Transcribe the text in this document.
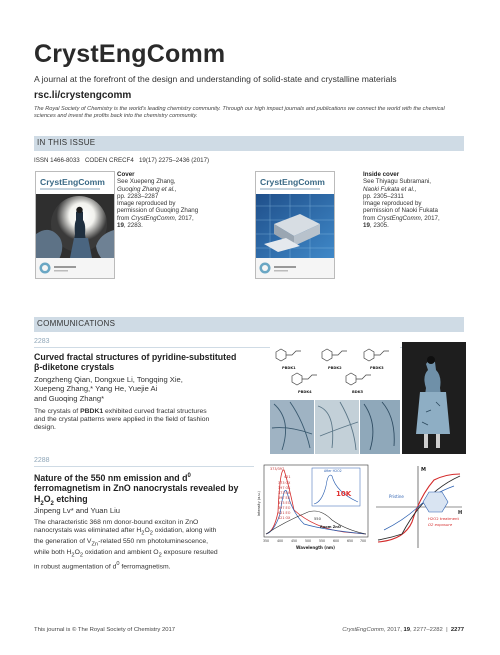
CrystEngComm
A journal at the forefront of the design and understanding of solid-state and crystalline materials
rsc.li/crystengcomm
The Royal Society of Chemistry is the world's leading chemistry community. Through our high impact journals and publications we connect the world with the chemical sciences and invest the profits back into the chemistry community.
IN THIS ISSUE
ISSN 1466-8033 CODEN CRECF4 19(17) 2275–2436 (2017)
CrystEngComm
Cover
See Xuepeng Zhang,
Guoqing Zhang et al.,
pp. 2283–2287
Image reproduced by
permission of Guoqing Zhang
from CrystEngComm, 2017,
19, 2283.
CrystEngComm
Inside cover
See Thiyagu Subramani,
Naoki Fukata et al.,
pp. 2305–2311
Image reproduced by
permission of Naoki Fukata
from CrystEngComm, 2017,
19, 2305.
COMMUNICATIONS
2283
Curved fractal structures of pyridine-substituted
β-diketone crystals
Zongzheng Qian, Dongxue Li, Tongqing Xie,
Xuepeng Zhang,* Yang He, Yuejie Ai
and Guoqing Zhang*
The crystals of PBDK1 exhibited curved fractal structures
and the crystal patterns were applied in the field of fashion
design.
PBDK1	PBDK2	PBDK3
PBDK4	BDK5
2288
Nature of the 550 nm emission and $d^0$
ferromagnetism in ZnO nanocrystals revealed by
$H_2O_2$ etching
Jinpeng Lv* and Yuan Liu
The characteristic 368 nm donor-bound exciton in ZnO
nanocrystals was eliminated after $H_2O_2$ oxidation, along with
the generation of $V_{Zn}$-related 550 nm photoluminescence,
while both $H_2O_2$ oxidation and ambient $O_2$ exposure resulted
in robust augmentation of $d^0$ ferromagnetism.
373/397
421
373 OX
397 OX
373 EX
397 EX
373 EO
397 EO
421 EO
421 OX
After H2O2
10K
550
Room ZnO
350 400 450 500 550 600 650 700
Wavelength (nm)
Intensity (a.u.)
M
H
Pristine
H2O2 treatment
O2 exposure
This journal is © The Royal Society of Chemistry 2017	CrystEngComm, 2017, 19, 2277–2282 | 2277
